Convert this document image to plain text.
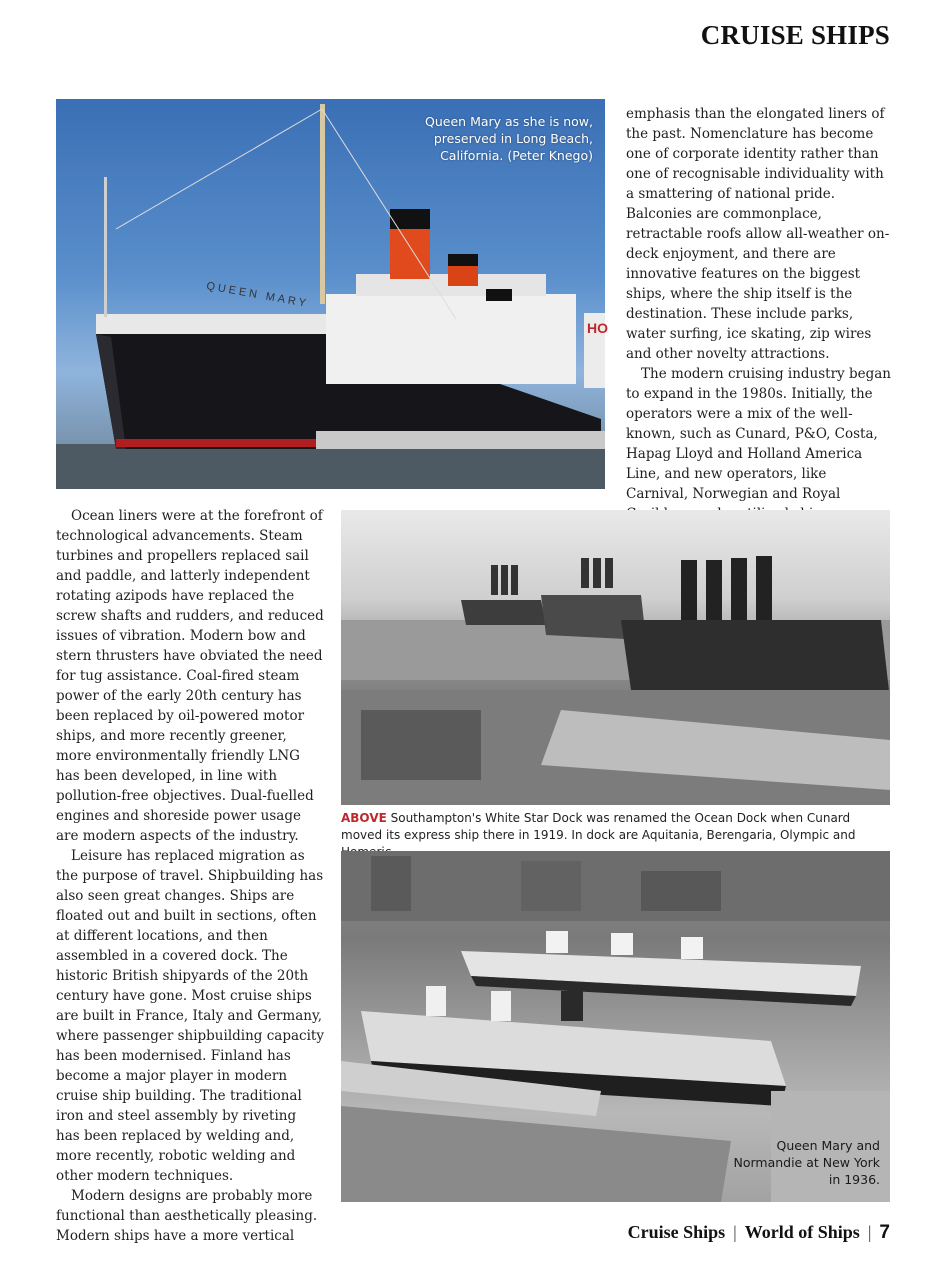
CRUISE SHIPS
HO
QUEEN MARY
Queen Mary as she is now, preserved in Long Beach, California. (Peter Knego)

emphasis than the elongated liners of the past. Nomenclature has become one of corporate identity rather than one of recognisable individuality with a smattering of national pride. Balconies are commonplace, retractable roofs allow all-weather on-deck enjoyment, and there are innovative features on the biggest ships, where the ship itself is the destination. These include parks, water surfing, ice skating, zip wires and other novelty attractions.

The modern cruising industry began to expand in the 1980s. Initially, the operators were a mix of the well-known, such as Cunard, P&O, Costa, Hapag Lloyd and Holland America Line, and new operators, like Carnival, Norwegian and Royal

Ocean liners were at the forefront of technological advancements. Steam turbines and propellers replaced sail and paddle, and latterly independent rotating azipods have replaced the screw shafts and rudders, and reduced issues of vibration. Modern bow and stern thrusters have obviated the need for tug assistance. Coal-fired steam power of the early 20th century has been replaced by oil-powered motor ships, and more recently greener, more environmentally friendly LNG has been developed, in line with pollution-free objectives. Dual-fuelled engines and shoreside power usage are modern aspects of the industry.

Leisure has replaced migration as the purpose of travel. Shipbuilding has also seen great changes. Ships are floated out and built in sections, often at different locations, and then assembled in a covered dock. The historic British shipyards of the 20th century have gone. Most cruise ships are built in France, Italy and Germany, where passenger shipbuilding capacity has been modernised. Finland has become a major player in modern cruise ship building. The traditional iron and steel assembly by riveting has been replaced by welding and, more recently, robotic welding and other modern techniques.

Modern designs are probably more functional than aesthetically pleasing. Modern ships have a more vertical

ABOVE Southampton's White Star Dock was renamed the Ocean Dock when Cunard moved its express ship there in 1919. In dock are Aquitania, Berengaria, Olympic and
Queen Mary and Normandie at New York in 1936.
Cruise Ships | World of Ships | 7
